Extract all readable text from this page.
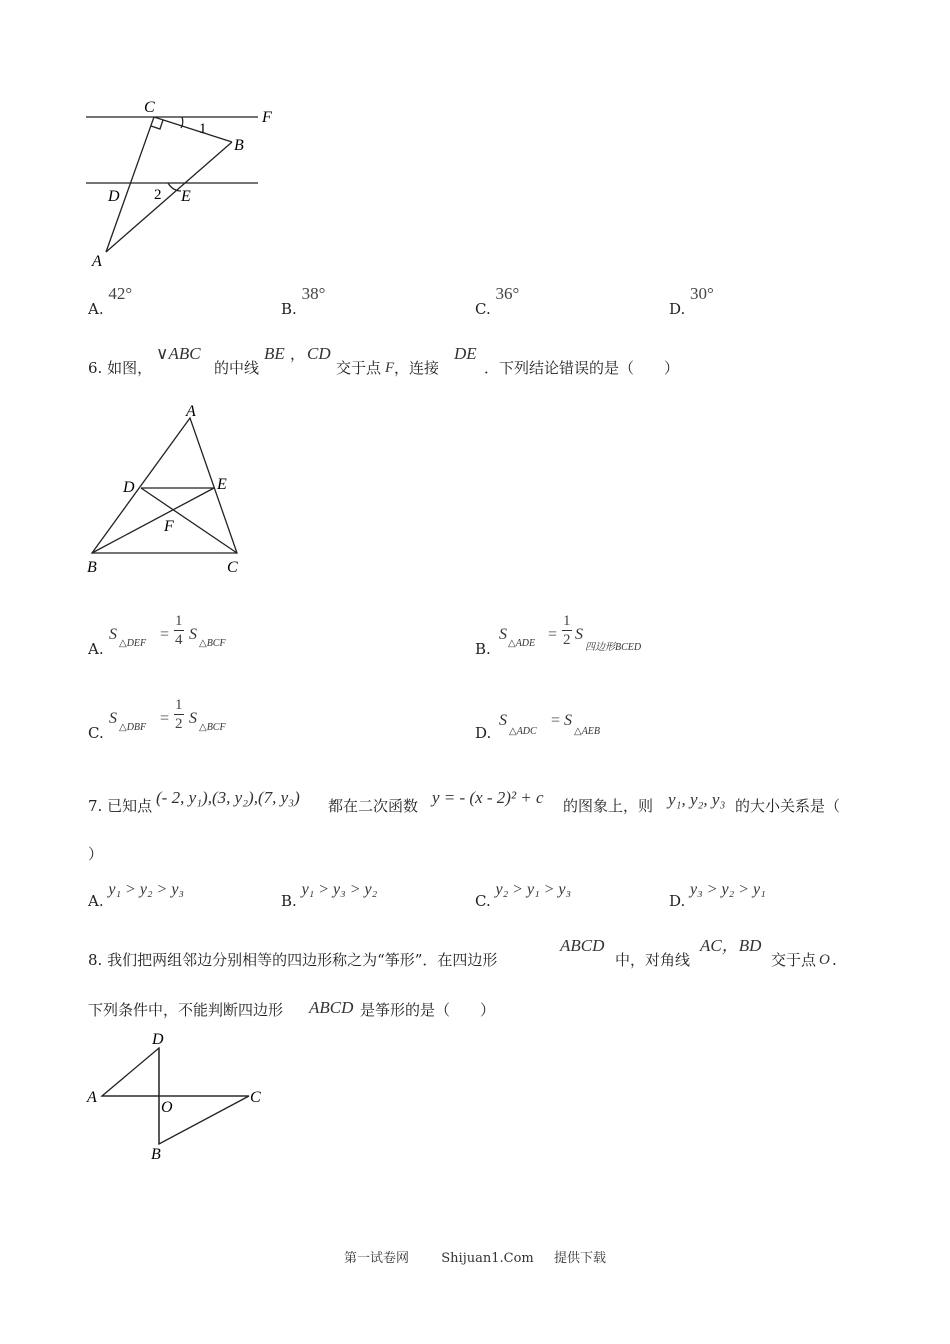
C
F
1
B
D 2 E
A
A. 42°
B. 38°
C. 36°
D. 30°
6. 如图，
∨ABC
的中线
BE ， CD
交于点 F ，连接
DE
．下列结论错误的是（　　）
A
D	E
F
B	C
A.
S
△DEF
= $\frac{1}{4}$ S
△BCF	B.
S
△ADE
= $\frac{1}{2}$ S
四边形BCED
C.
S
△DBF
= $\frac{1}{2}$ S
△BCF	D.
S
△ADC
= S
△AEB
7. 已知点 (- 2, y₁),(3, y₂),(7, y₃) 都在二次函数 y = - (x - 2)² + c 的图象上，则 y₁, y₂, y₃ 的大小关系是（
）
A. y₁ > y₂ > y₃
B. y₁ > y₃ > y₂
C. y₂ > y₁ > y₃
D. y₃ > y₂ > y₁
8. 我们把两组邻边分别相等的四边形称之为“筝形”．在四边形
ABCD
中，对角线
AC，BD
交于点 O .
下列条件中，不能判断四边形 ABCD 是筝形的是（　　）
D
A
O
C
B
第一试卷网 Shijuan1.Com 提供下载
